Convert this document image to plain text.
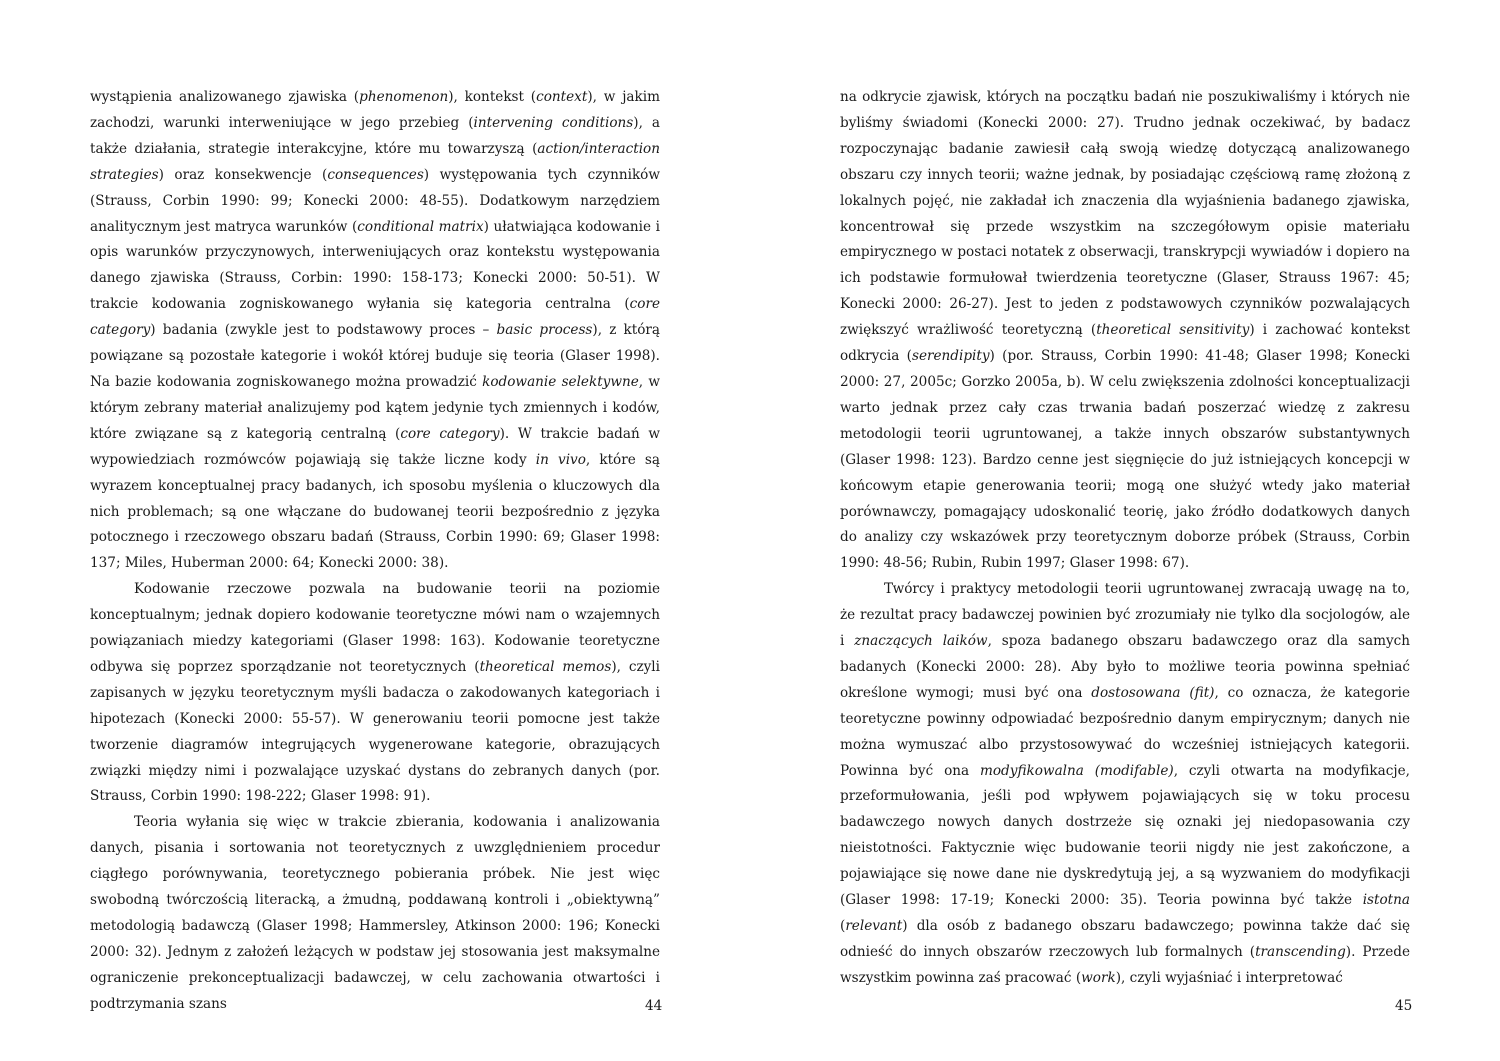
wystąpienia analizowanego zjawiska (phenomenon), kontekst (context), w jakim zachodzi, warunki interweniujące w jego przebieg (intervening conditions), a także działania, strategie interakcyjne, które mu towarzyszą (action/interaction strategies) oraz konsekwencje (consequences) występowania tych czynników (Strauss, Corbin 1990: 99; Konecki 2000: 48-55). Dodatkowym narzędziem analitycznym jest matryca warunków (conditional matrix) ułatwiająca kodowanie i opis warunków przyczynowych, interweniujących oraz kontekstu występowania danego zjawiska (Strauss, Corbin: 1990: 158-173; Konecki 2000: 50-51). W trakcie kodowania zogniskowanego wyłania się kategoria centralna (core category) badania (zwykle jest to podstawowy proces – basic process), z którą powiązane są pozostałe kategorie i wokół której buduje się teoria (Glaser 1998). Na bazie kodowania zogniskowanego można prowadzić kodowanie selektywne, w którym zebrany materiał analizujemy pod kątem jedynie tych zmiennych i kodów, które związane są z kategorią centralną (core category). W trakcie badań w wypowiedziach rozmówców pojawiają się także liczne kody in vivo, które są wyrazem konceptualnej pracy badanych, ich sposobu myślenia o kluczowych dla nich problemach; są one włączane do budowanej teorii bezpośrednio z języka potocznego i rzeczowego obszaru badań (Strauss, Corbin 1990: 69; Glaser 1998: 137; Miles, Huberman 2000: 64; Konecki 2000: 38).

Kodowanie rzeczowe pozwala na budowanie teorii na poziomie konceptualnym; jednak dopiero kodowanie teoretyczne mówi nam o wzajemnych powiązaniach miedzy kategoriami (Glaser 1998: 163). Kodowanie teoretyczne odbywa się poprzez sporządzanie not teoretycznych (theoretical memos), czyli zapisanych w języku teoretycznym myśli badacza o zakodowanych kategoriach i hipotezach (Konecki 2000: 55-57). W generowaniu teorii pomocne jest także tworzenie diagramów integrujących wygenerowane kategorie, obrazujących związki między nimi i pozwalające uzyskać dystans do zebranych danych (por. Strauss, Corbin 1990: 198-222; Glaser 1998: 91).

Teoria wyłania się więc w trakcie zbierania, kodowania i analizowania danych, pisania i sortowania not teoretycznych z uwzględnieniem procedur ciągłego porównywania, teoretycznego pobierania próbek. Nie jest więc swobodną twórczością literacką, a żmudną, poddawaną kontroli i „obiektywną” metodologią badawczą (Glaser 1998; Hammersley, Atkinson 2000: 196; Konecki 2000: 32). Jednym z założeń leżących w podstaw jej stosowania jest maksymalne ograniczenie prekonceptualizacji badawczej, w celu zachowania otwartości i podtrzymania szans	44

na odkrycie zjawisk, których na początku badań nie poszukiwaliśmy i których nie byliśmy świadomi (Konecki 2000: 27). Trudno jednak oczekiwać, by badacz rozpoczynając badanie zawiesił całą swoją wiedzę dotyczącą analizowanego obszaru czy innych teorii; ważne jednak, by posiadając częściową ramę złożoną z lokalnych pojęć, nie zakładał ich znaczenia dla wyjaśnienia badanego zjawiska, koncentrował się przede wszystkim na szczegółowym opisie materiału empirycznego w postaci notatek z obserwacji, transkrypcji wywiadów i dopiero na ich podstawie formułował twierdzenia teoretyczne (Glaser, Strauss 1967: 45; Konecki 2000: 26-27). Jest to jeden z podstawowych czynników pozwalających zwiększyć wrażliwość teoretyczną (theoretical sensitivity) i zachować kontekst odkrycia (serendipity) (por. Strauss, Corbin 1990: 41-48; Glaser 1998; Konecki 2000: 27, 2005c; Gorzko 2005a, b). W celu zwiększenia zdolności konceptualizacji warto jednak przez cały czas trwania badań poszerzać wiedzę z zakresu metodologii teorii ugruntowanej, a także innych obszarów substantywnych (Glaser 1998: 123). Bardzo cenne jest sięgnięcie do już istniejących koncepcji w końcowym etapie generowania teorii; mogą one służyć wtedy jako materiał porównawczy, pomagający udoskonalić teorię, jako źródło dodatkowych danych do analizy czy wskazówek przy teoretycznym doborze próbek (Strauss, Corbin 1990: 48-56; Rubin, Rubin 1997; Glaser 1998: 67).

Twórcy i praktycy metodologii teorii ugruntowanej zwracają uwagę na to, że rezultat pracy badawczej powinien być zrozumiały nie tylko dla socjologów, ale i znaczących laików, spoza badanego obszaru badawczego oraz dla samych badanych (Konecki 2000: 28). Aby było to możliwe teoria powinna spełniać określone wymogi; musi być ona dostosowana (fit), co oznacza, że kategorie teoretyczne powinny odpowiadać bezpośrednio danym empirycznym; danych nie można wymuszać albo przystosowywać do wcześniej istniejących kategorii. Powinna być ona modyfikowalna (modifable), czyli otwarta na modyfikacje, przeformułowania, jeśli pod wpływem pojawiających się w toku procesu badawczego nowych danych dostrzeże się oznaki jej niedopasowania czy nieistotności. Faktycznie więc budowanie teorii nigdy nie jest zakończone, a pojawiające się nowe dane nie dyskredytują jej, a są wyzwaniem do modyfikacji (Glaser 1998: 17-19; Konecki 2000: 35). Teoria powinna być także istotna (relevant) dla osób z badanego obszaru badawczego; powinna także dać się odnieść do innych obszarów rzeczowych lub formalnych (transcending). Przede wszystkim powinna zaś pracować (work), czyli wyjaśniać i interpretować

45
